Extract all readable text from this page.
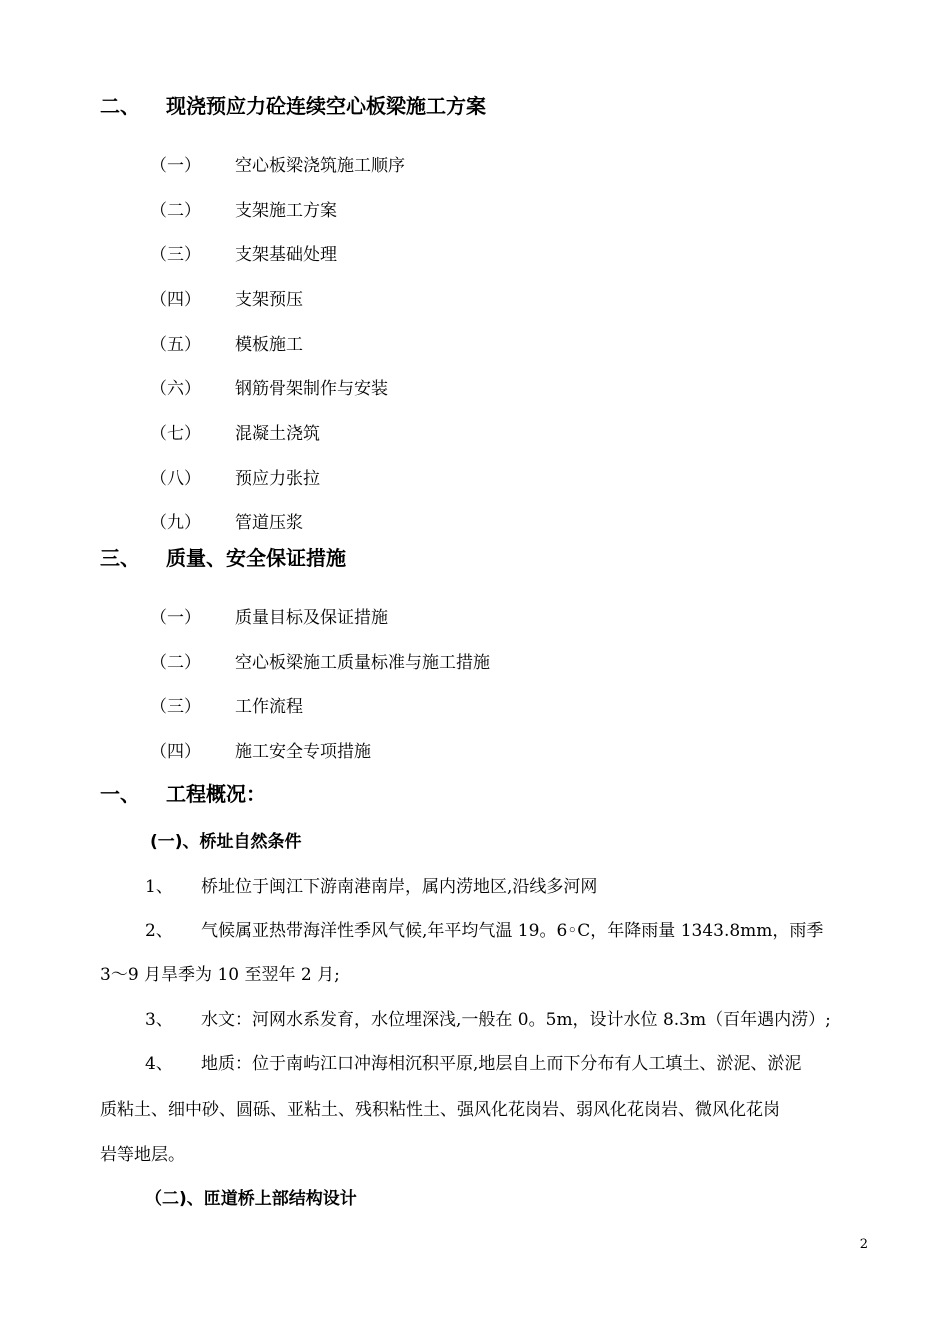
二、 现浇预应力砼连续空心板梁施工方案
（一） 空心板梁浇筑施工顺序
（二） 支架施工方案
（三） 支架基础处理
（四） 支架预压
（五） 模板施工
（六） 钢筋骨架制作与安装
（七） 混凝土浇筑
（八） 预应力张拉
（九） 管道压浆
三、 质量、安全保证措施
（一） 质量目标及保证措施
（二） 空心板梁施工质量标准与施工措施
（三） 工作流程
（四） 施工安全专项措施
一、 工程概况：
(一)、桥址自然条件
1、 桥址位于闽江下游南港南岸，属内涝地区,沿线多河网
2、 气候属亚热带海洋性季风气候,年平均气温 19。6◦C，年降雨量 1343.8mm，雨季
3～9 月旱季为 10 至翌年 2 月;
3、 水文：河网水系发育，水位埋深浅,一般在 0。5m，设计水位 8.3m（百年遇内涝）;
4、 地质：位于南屿江口冲海相沉积平原,地层自上而下分布有人工填土、淤泥、淤泥
质粘土、细中砂、圆砾、亚粘土、残积粘性土、强风化花岗岩、弱风化花岗岩、微风化花岗
岩等地层。
（二)、匝道桥上部结构设计
2
